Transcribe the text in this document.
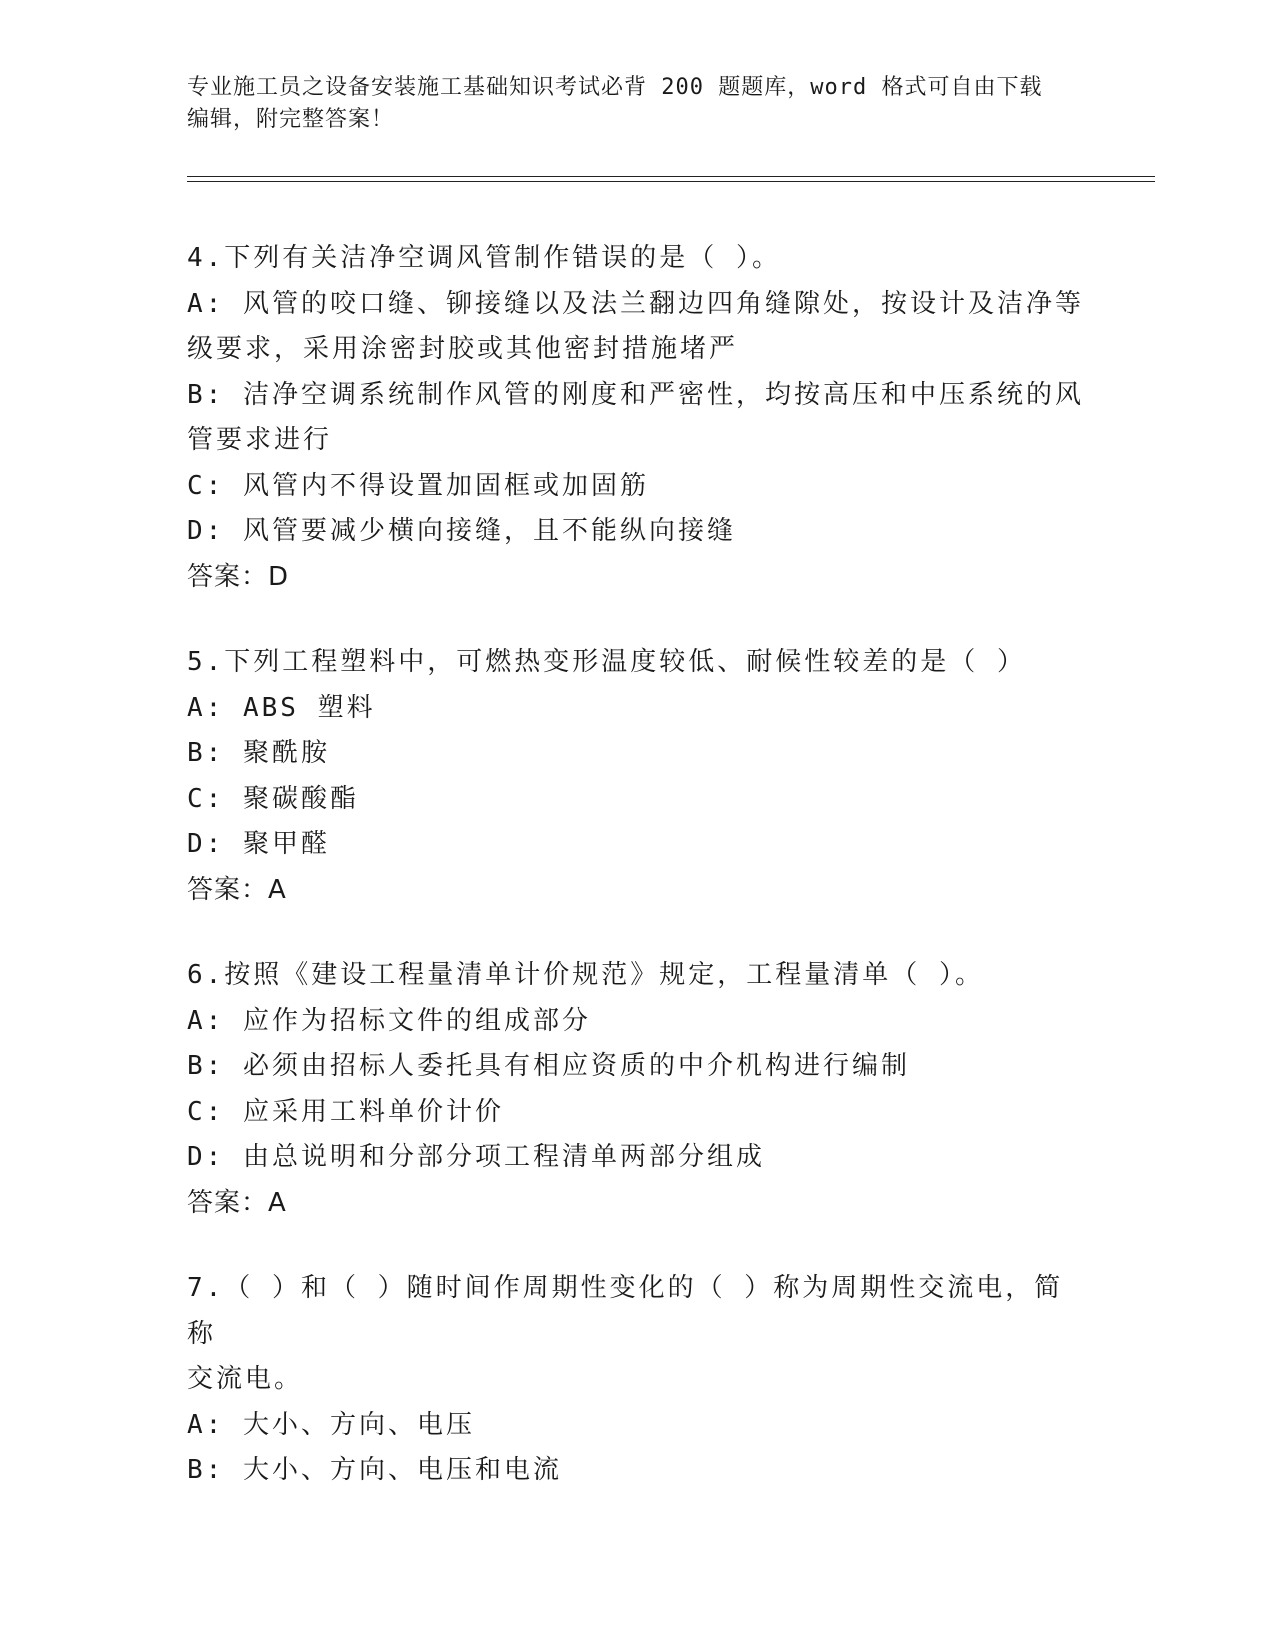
专业施工员之设备安装施工基础知识考试必背 200 题题库，word 格式可自由下载
编辑，附完整答案！
4.下列有关洁净空调风管制作错误的是（ ）。
A: 风管的咬口缝、铆接缝以及法兰翻边四角缝隙处，按设计及洁净等
级要求，采用涂密封胶或其他密封措施堵严
B: 洁净空调系统制作风管的刚度和严密性，均按高压和中压系统的风
管要求进行
C: 风管内不得设置加固框或加固筋
D: 风管要减少横向接缝，且不能纵向接缝
答案：D
5.下列工程塑料中，可燃热变形温度较低、耐候性较差的是（ ）
A: ABS 塑料
B: 聚酰胺
C: 聚碳酸酯
D: 聚甲醛
答案：A
6.按照《建设工程量清单计价规范》规定，工程量清单（ ）。
A: 应作为招标文件的组成部分
B: 必须由招标人委托具有相应资质的中介机构进行编制
C: 应采用工料单价计价
D: 由总说明和分部分项工程清单两部分组成
答案：A
7.（ ）和（ ）随时间作周期性变化的（ ）称为周期性交流电，简称
交流电。
A: 大小、方向、电压
B: 大小、方向、电压和电流
